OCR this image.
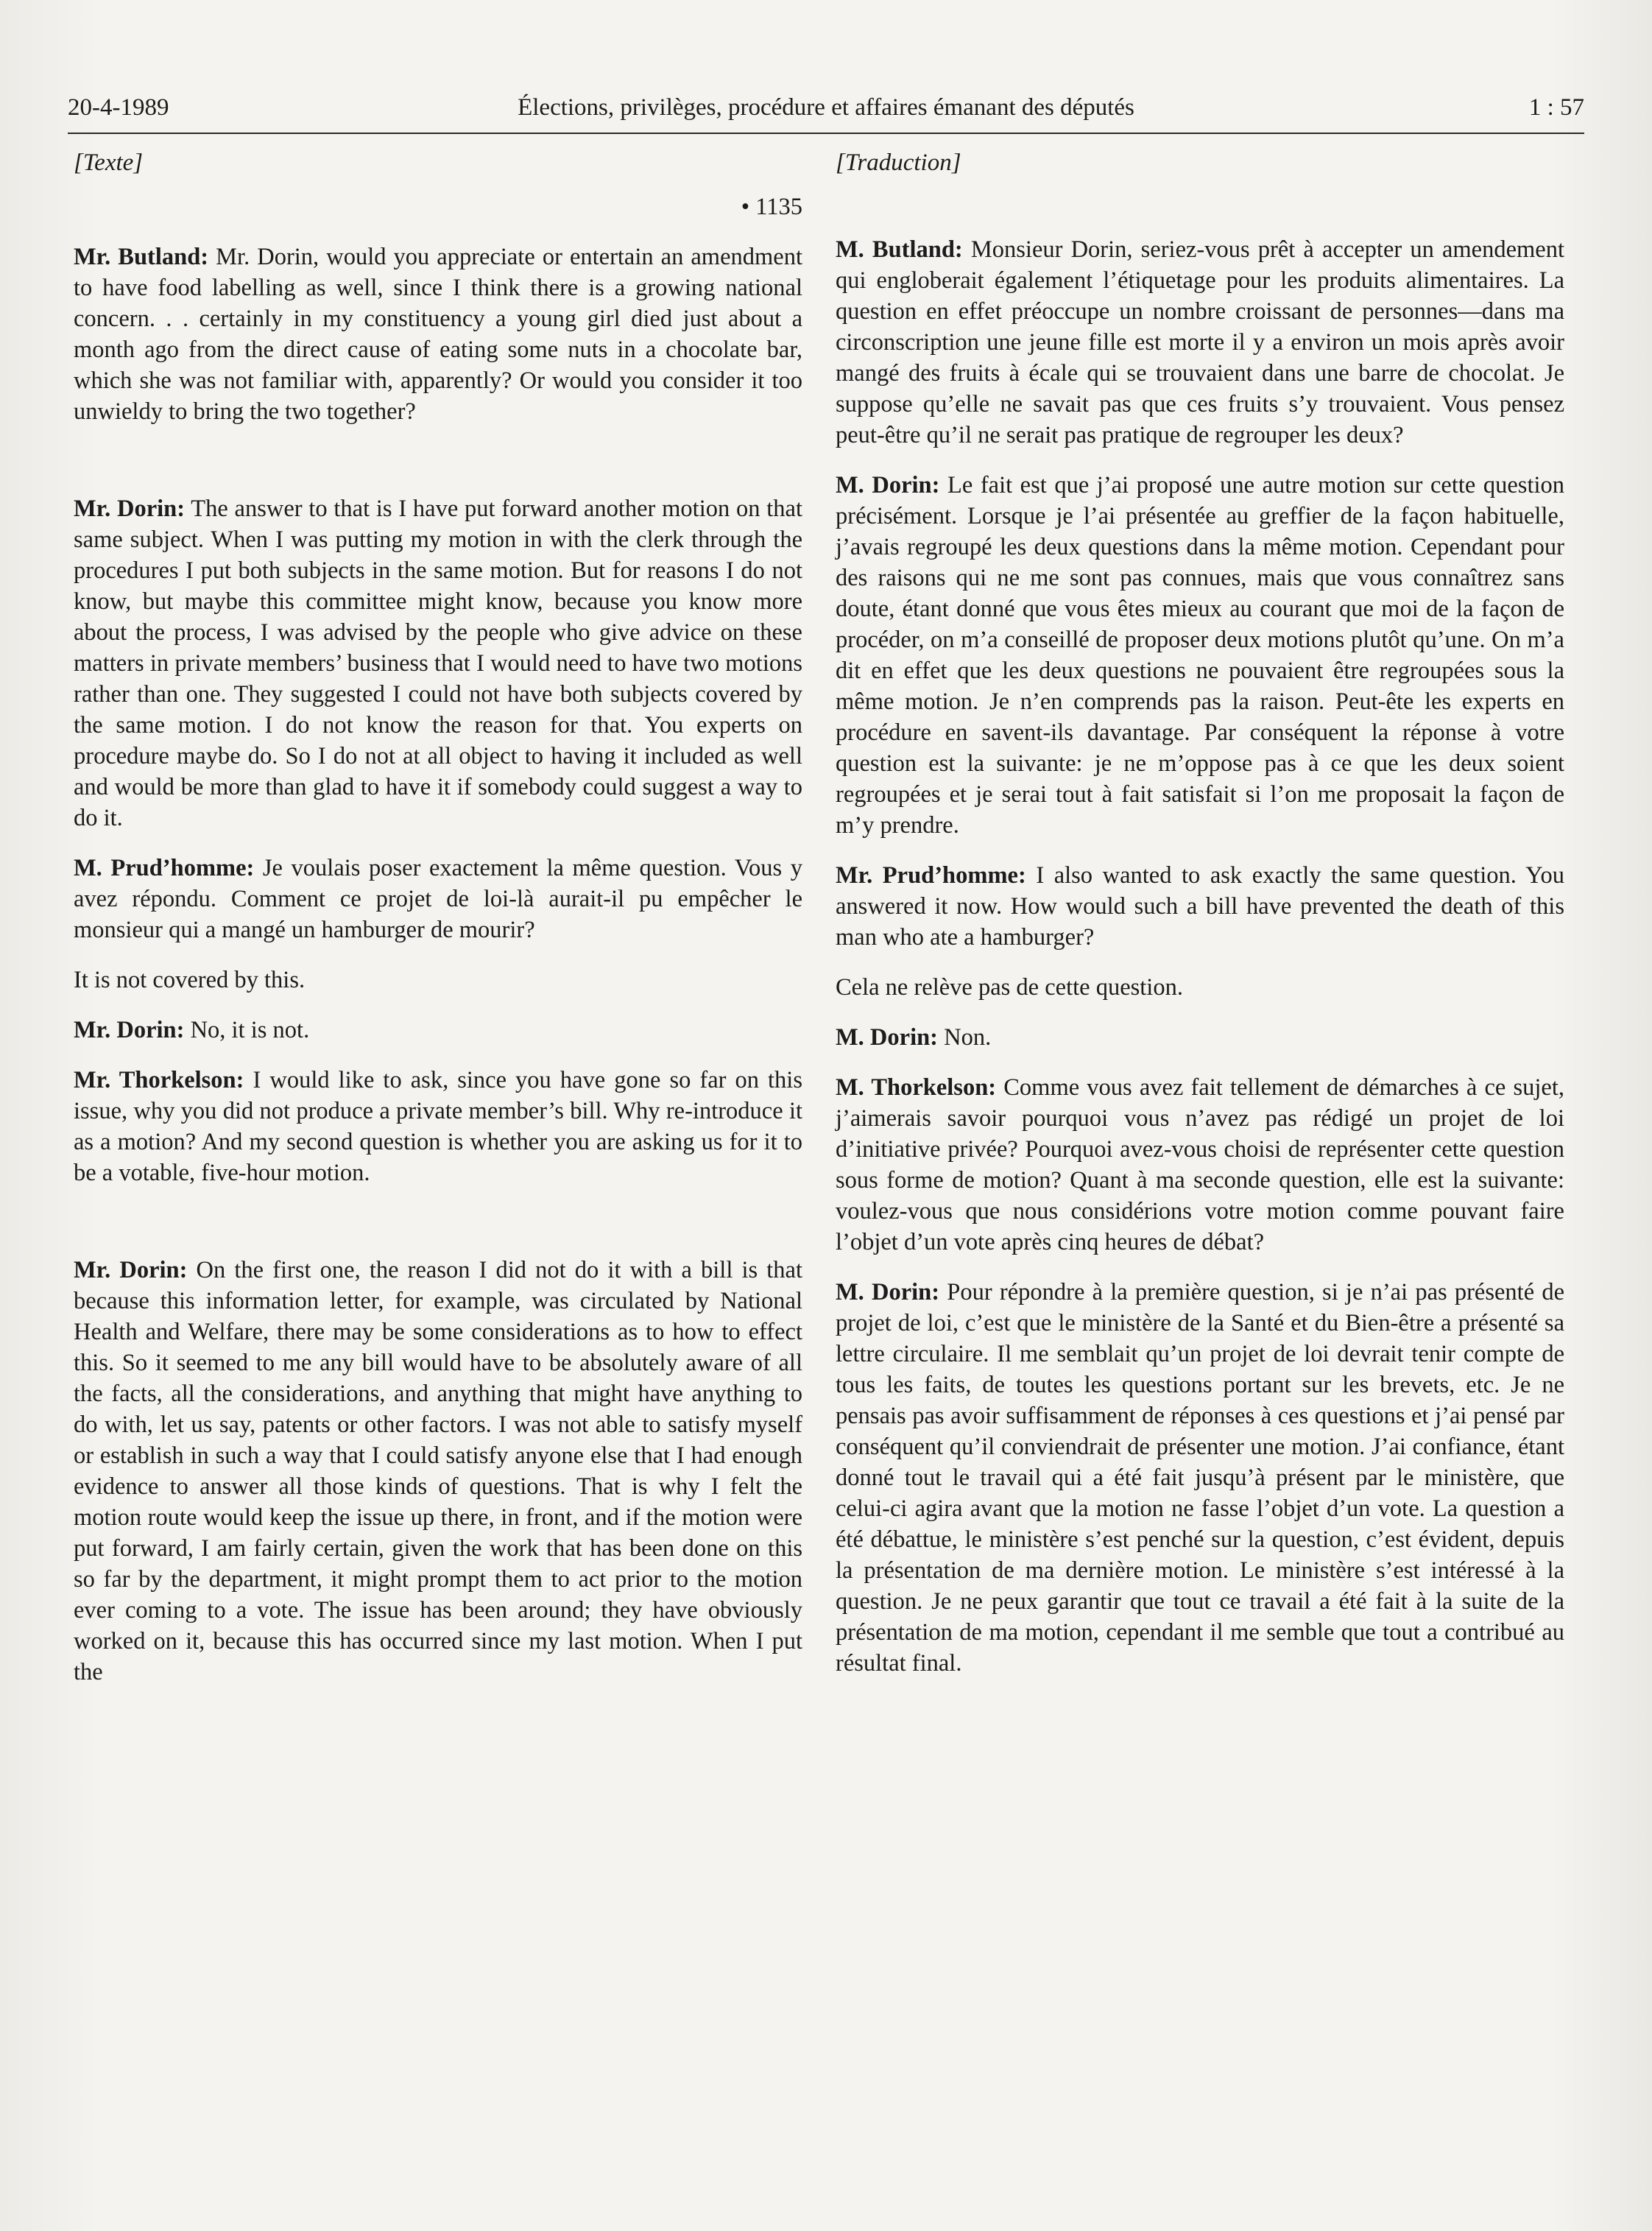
20-4-1989	Élections, privilèges, procédure et affaires émanant des députés	1 : 57
[Texte]
• 1135

Mr. Butland: Mr. Dorin, would you appreciate or entertain an amendment to have food labelling as well, since I think there is a growing national concern. . . certainly in my constituency a young girl died just about a month ago from the direct cause of eating some nuts in a chocolate bar, which she was not familiar with, apparently? Or would you consider it too unwieldy to bring the two together?

Mr. Dorin: The answer to that is I have put forward another motion on that same subject. When I was putting my motion in with the clerk through the procedures I put both subjects in the same motion. But for reasons I do not know, but maybe this committee might know, because you know more about the process, I was advised by the people who give advice on these matters in private members’ business that I would need to have two motions rather than one. They suggested I could not have both subjects covered by the same motion. I do not know the reason for that. You experts on procedure maybe do. So I do not at all object to having it included as well and would be more than glad to have it if somebody could suggest a way to do it.

M. Prud’homme: Je voulais poser exactement la même question. Vous y avez répondu. Comment ce projet de loi-là aurait-il pu empêcher le monsieur qui a mangé un hamburger de mourir?

It is not covered by this.

Mr. Dorin: No, it is not.

Mr. Thorkelson: I would like to ask, since you have gone so far on this issue, why you did not produce a private member’s bill. Why re-introduce it as a motion? And my second question is whether you are asking us for it to be a votable, five-hour motion.

Mr. Dorin: On the first one, the reason I did not do it with a bill is that because this information letter, for example, was circulated by National Health and Welfare, there may be some considerations as to how to effect this. So it seemed to me any bill would have to be absolutely aware of all the facts, all the considerations, and anything that might have anything to do with, let us say, patents or other factors. I was not able to satisfy myself or establish in such a way that I could satisfy anyone else that I had enough evidence to answer all those kinds of questions. That is why I felt the motion route would keep the issue up there, in front, and if the motion were put forward, I am fairly certain, given the work that has been done on this so far by the department, it might prompt them to act prior to the motion ever coming to a vote. The issue has been around; they have obviously worked on it, because this has occurred since my last motion. When I put the

[Traduction]

M. Butland: Monsieur Dorin, seriez-vous prêt à accepter un amendement qui engloberait également l’étiquetage pour les produits alimentaires. La question en effet préoccupe un nombre croissant de personnes—dans ma circonscription une jeune fille est morte il y a environ un mois après avoir mangé des fruits à écale qui se trouvaient dans une barre de chocolat. Je suppose qu’elle ne savait pas que ces fruits s’y trouvaient. Vous pensez peut-être qu’il ne serait pas pratique de regrouper les deux?

M. Dorin: Le fait est que j’ai proposé une autre motion sur cette question précisément. Lorsque je l’ai présentée au greffier de la façon habituelle, j’avais regroupé les deux questions dans la même motion. Cependant pour des raisons qui ne me sont pas connues, mais que vous connaîtrez sans doute, étant donné que vous êtes mieux au courant que moi de la façon de procéder, on m’a conseillé de proposer deux motions plutôt qu’une. On m’a dit en effet que les deux questions ne pouvaient être regroupées sous la même motion. Je n’en comprends pas la raison. Peut-ête les experts en procédure en savent-ils davantage. Par conséquent la réponse à votre question est la suivante: je ne m’oppose pas à ce que les deux soient regroupées et je serai tout à fait satisfait si l’on me proposait la façon de m’y prendre.

Mr. Prud’homme: I also wanted to ask exactly the same question. You answered it now. How would such a bill have prevented the death of this man who ate a hamburger?

Cela ne relève pas de cette question.

M. Dorin: Non.

M. Thorkelson: Comme vous avez fait tellement de démarches à ce sujet, j’aimerais savoir pourquoi vous n’avez pas rédigé un projet de loi d’initiative privée? Pourquoi avez-vous choisi de représenter cette question sous forme de motion? Quant à ma seconde question, elle est la suivante: voulez-vous que nous considérions votre motion comme pouvant faire l’objet d’un vote après cinq heures de débat?

M. Dorin: Pour répondre à la première question, si je n’ai pas présenté de projet de loi, c’est que le ministère de la Santé et du Bien-être a présenté sa lettre circulaire. Il me semblait qu’un projet de loi devrait tenir compte de tous les faits, de toutes les questions portant sur les brevets, etc. Je ne pensais pas avoir suffisamment de réponses à ces questions et j’ai pensé par conséquent qu’il conviendrait de présenter une motion. J’ai confiance, étant donné tout le travail qui a été fait jusqu’à présent par le ministère, que celui-ci agira avant que la motion ne fasse l’objet d’un vote. La question a été débattue, le ministère s’est penché sur la question, c’est évident, depuis la présentation de ma dernière motion. Le ministère s’est intéressé à la question. Je ne peux garantir que tout ce travail a été fait à la suite de la présentation de ma motion, cependant il me semble que tout a contribué au résultat final.
